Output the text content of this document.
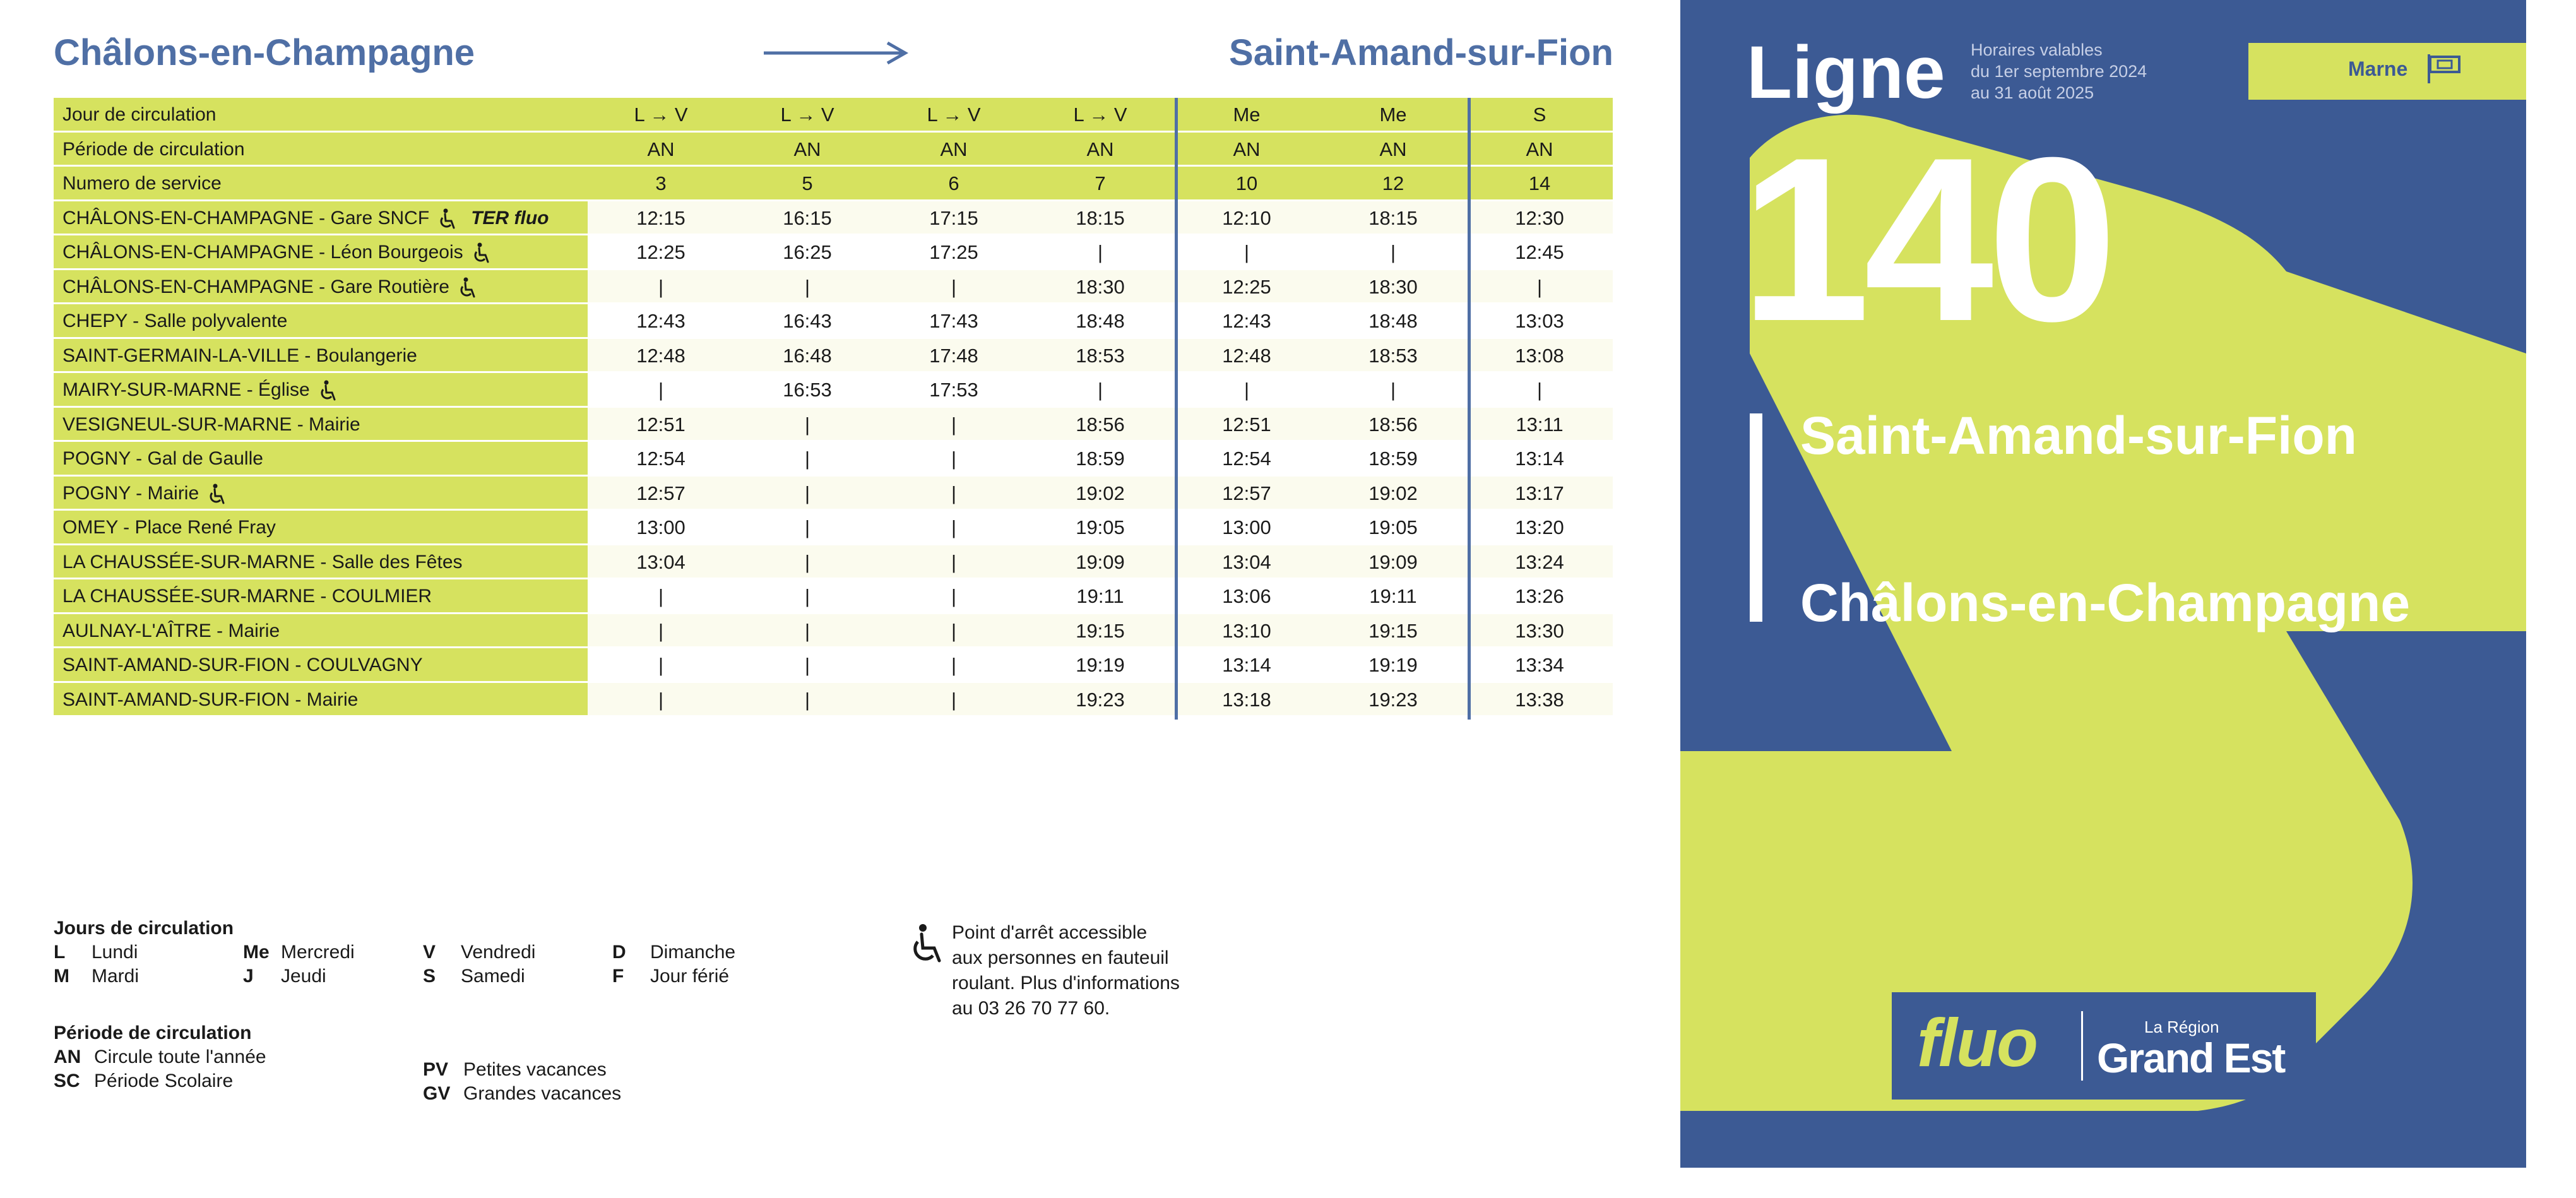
Châlons-en-Champagne	Saint-Amand-sur-Fion
Jour de circulation	L → V	L → V	L → V	L → V	Me	Me	S
Période de circulation	AN	AN	AN	AN	AN	AN	AN
Numero de service	3	5	6	7	10	12	14
CHÂLONS-EN-CHAMPAGNE - Gare SNCF TER fluo	12:15	16:15	17:15	18:15	12:10	18:15	12:30
CHÂLONS-EN-CHAMPAGNE - Léon Bourgeois	12:25	16:25	17:25	|	|	|	12:45
CHÂLONS-EN-CHAMPAGNE - Gare Routière	|	|	|	18:30	12:25	18:30	|
CHEPY - Salle polyvalente	12:43	16:43	17:43	18:48	12:43	18:48	13:03
SAINT-GERMAIN-LA-VILLE - Boulangerie	12:48	16:48	17:48	18:53	12:48	18:53	13:08
MAIRY-SUR-MARNE - Église	|	16:53	17:53	|	|	|	|
VESIGNEUL-SUR-MARNE - Mairie	12:51	|	|	18:56	12:51	18:56	13:11
POGNY - Gal de Gaulle	12:54	|	|	18:59	12:54	18:59	13:14
POGNY - Mairie	12:57	|	|	19:02	12:57	19:02	13:17
OMEY - Place René Fray	13:00	|	|	19:05	13:00	19:05	13:20
LA CHAUSSÉE-SUR-MARNE - Salle des Fêtes	13:04	|	|	19:09	13:04	19:09	13:24
LA CHAUSSÉE-SUR-MARNE - COULMIER	|	|	|	19:11	13:06	19:11	13:26
AULNAY-L'AÎTRE - Mairie	|	|	|	19:15	13:10	19:15	13:30
SAINT-AMAND-SUR-FION - COULVAGNY	|	|	|	19:19	13:14	19:19	13:34
SAINT-AMAND-SUR-FION - Mairie	|	|	|	19:23	13:18	19:23	13:38
Jours de circulation
L Lundi	Me Mercredi	V Vendredi	D Dimanche
M Mardi	J Jeudi	S Samedi	F Jour férié
Période de circulation
AN Circule toute l'année
PV Petites vacances
SC Période Scolaire
GV Grandes vacances
Point d'arrêt accessible
aux personnes en fauteuil
roulant. Plus d'informations
au 03 26 70 77 60.
Ligne Horaires valables
du 1er septembre 2024
au 31 août 2025
Marne
140
Saint-Amand-sur-Fion
Châlons-en-Champagne
fluo	La Région
Grand Est
